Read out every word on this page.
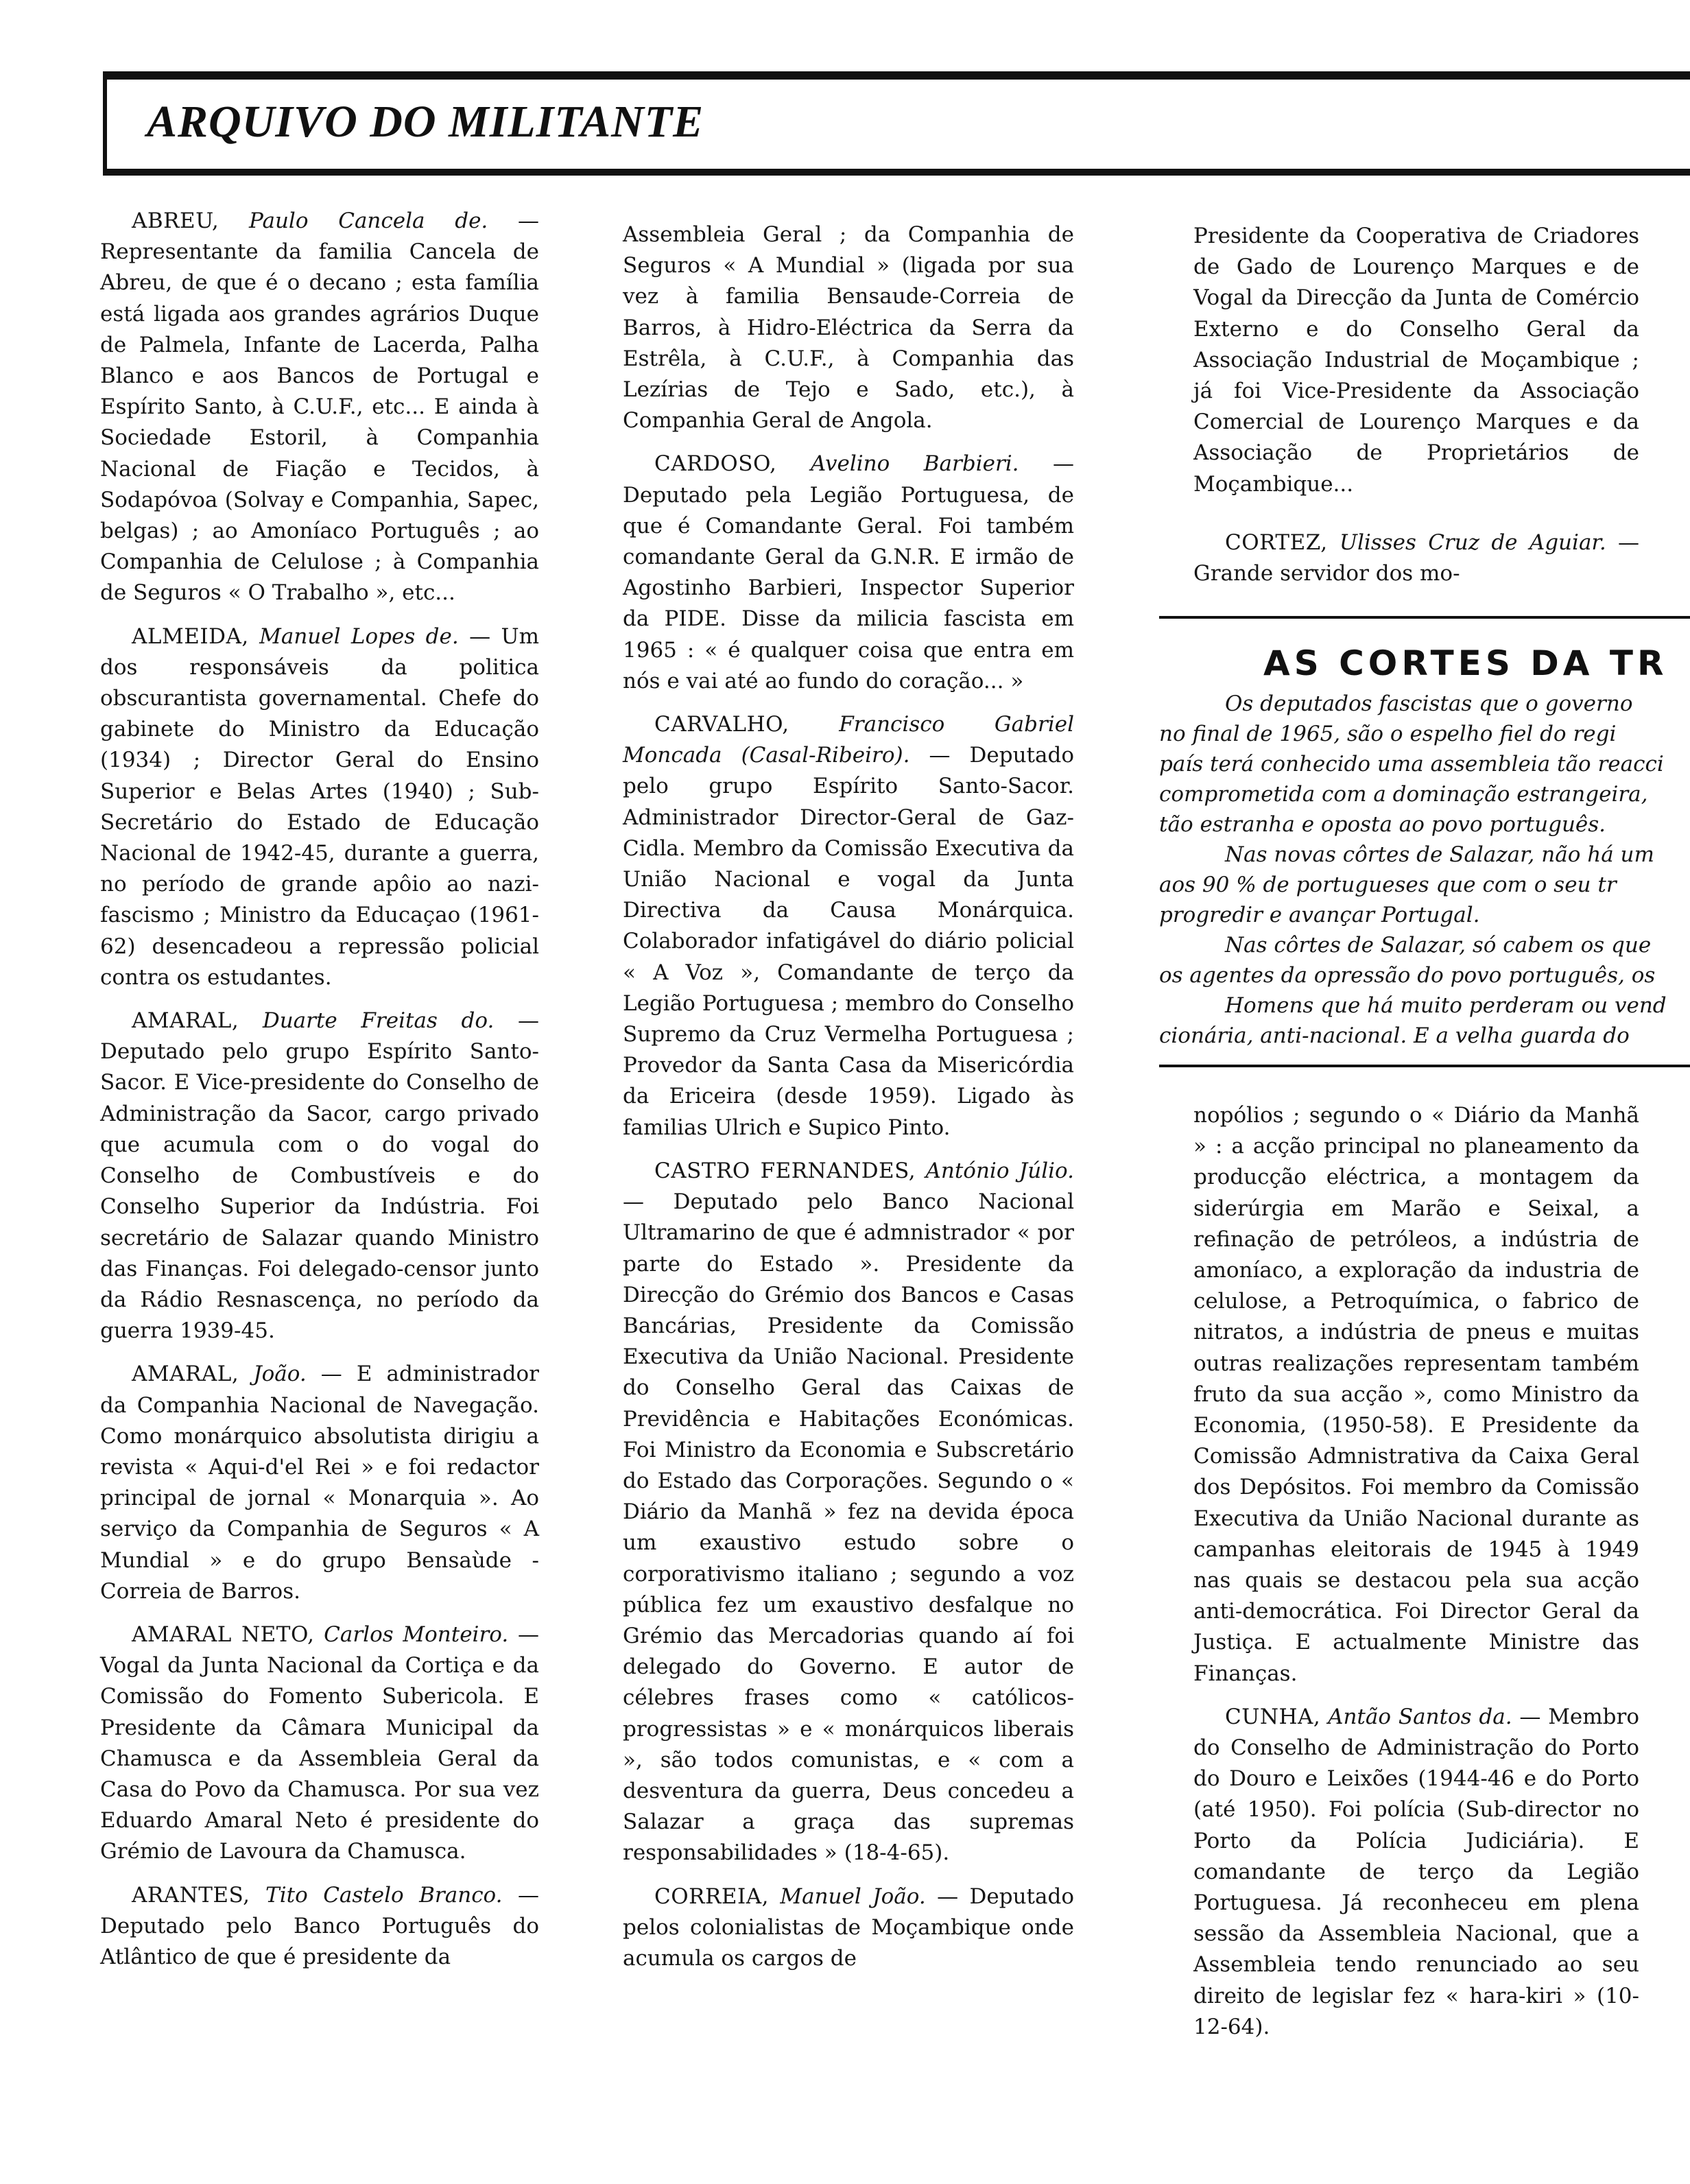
ARQUIVO DO MILITANTE

ABREU, Paulo Cancela de. — Representante da familia Cancela de Abreu, de que é o decano ; esta família está ligada aos grandes agrários Duque de Palmela, Infante de Lacerda, Palha Blanco e aos Bancos de Portugal e Espírito Santo, à C.U.F., etc... E ainda à Sociedade Estoril, à Companhia Nacional de Fiação e Tecidos, à Sodapóvoa (Solvay e Companhia, Sapec, belgas) ; ao Amoníaco Português ; ao Companhia de Celulose ; à Companhia de Seguros « O Trabalho », etc...

ALMEIDA, Manuel Lopes de. — Um dos responsáveis da politica obscurantista governamental. Chefe do gabinete do Ministro da Educação (1934) ; Director Geral do Ensino Superior e Belas Artes (1940) ; Sub-Secretário do Estado de Educação Nacional de 1942-45, durante a guerra, no período de grande apôio ao nazi-fascismo ; Ministro da Educaçao (1961-62) desencadeou a repressão policial contra os estudantes.

AMARAL, Duarte Freitas do. — Deputado pelo grupo Espírito Santo-Sacor. E Vice-presidente do Conselho de Administração da Sacor, cargo privado que acumula com o do vogal do Conselho de Combustíveis e do Conselho Superior da Indústria. Foi secretário de Salazar quando Ministro das Finanças. Foi delegado-censor junto da Rádio Resnascença, no período da guerra 1939-45.

AMARAL, João. — E administrador da Companhia Nacional de Navegação. Como monárquico absolutista dirigiu a revista « Aqui-d'el Rei » e foi redactor principal de jornal « Monarquia ». Ao serviço da Companhia de Seguros « A Mundial » e do grupo Bensaùde - Correia de Barros.

AMARAL NETO, Carlos Monteiro. — Vogal da Junta Nacional da Cortiça e da Comissão do Fomento Subericola. E Presidente da Câmara Municipal da Chamusca e da Assembleia Geral da Casa do Povo da Chamusca. Por sua vez Eduardo Amaral Neto é presidente do Grémio de Lavoura da Chamusca.

ARANTES, Tito Castelo Branco. — Deputado pelo Banco Português do Atlântico de que é presidente da

Assembleia Geral ; da Companhia de Seguros « A Mundial » (ligada por sua vez à familia Bensaude-Correia de Barros, à Hidro-Eléctrica da Serra da Estrêla, à C.U.F., à Companhia das Lezírias de Tejo e Sado, etc.), à Companhia Geral de Angola.

CARDOSO, Avelino Barbieri. — Deputado pela Legião Portuguesa, de que é Comandante Geral. Foi também comandante Geral da G.N.R. E irmão de Agostinho Barbieri, Inspector Superior da PIDE. Disse da milicia fascista em 1965 : « é qualquer coisa que entra em nós e vai até ao fundo do coração... »

CARVALHO, Francisco Gabriel Moncada (Casal-Ribeiro). — Deputado pelo grupo Espírito Santo-Sacor. Administrador Director-Geral de Gaz-Cidla. Membro da Comissão Executiva da União Nacional e vogal da Junta Directiva da Causa Monárquica. Colaborador infatigável do diário policial « A Voz », Comandante de terço da Legião Portuguesa ; membro do Conselho Supremo da Cruz Vermelha Portuguesa ; Provedor da Santa Casa da Misericórdia da Ericeira (desde 1959). Ligado às familias Ulrich e Supico Pinto.

CASTRO FERNANDES, António Júlio. — Deputado pelo Banco Nacional Ultramarino de que é admnistrador « por parte do Estado ». Presidente da Direcção do Grémio dos Bancos e Casas Bancárias, Presidente da Comissão Executiva da União Nacional. Presidente do Conselho Geral das Caixas de Previdência e Habitações Económicas. Foi Ministro da Economia e Subscretário do Estado das Corporações. Segundo o « Diário da Manhã » fez na devida época um exaustivo estudo sobre o corporativismo italiano ; segundo a voz pública fez um exaustivo desfalque no Grémio das Mercadorias quando aí foi delegado do Governo. E autor de célebres frases como « católicos-progressistas » e « monárquicos liberais », são todos comunistas, e « com a desventura da guerra, Deus concedeu a Salazar a graça das supremas responsabilidades » (18-4-65).

CORREIA, Manuel João. — Deputado pelos colonialistas de Moçambique onde acumula os cargos de

Presidente da Cooperativa de Criadores de Gado de Lourenço Marques e de Vogal da Direcção da Junta de Comércio Externo e do Conselho Geral da Associação Industrial de Moçambique ; já foi Vice-Presidente da Associação Comercial de Lourenço Marques e da Associação de Proprietários de Moçambique...

CORTEZ, Ulisses Cruz de Aguiar. — Grande servidor dos mo-

AS CORTES DA TR
Os deputados fascistas que o governo
no final de 1965, são o espelho fiel do regi
país terá conhecido uma assembleia tão reacci
comprometida com a dominação estrangeira,
tão estranha e oposta ao povo português.
Nas novas côrtes de Salazar, não há um
aos 90 % de portugueses que com o seu tr
progredir e avançar Portugal.
Nas côrtes de Salazar, só cabem os que
os agentes da opressão do povo português, os
Homens que há muito perderam ou vend
cionária, anti-nacional. E a velha guarda do

nopólios ; segundo o « Diário da Manhã » : a acção principal no planeamento da producção eléctrica, a montagem da siderúrgia em Marão e Seixal, a refinação de petróleos, a indústria de amoníaco, a exploração da industria de celulose, a Petroquímica, o fabrico de nitratos, a indústria de pneus e muitas outras realizações representam também fruto da sua acção », como Ministro da Economia, (1950-58). E Presidente da Comissão Admnistrativa da Caixa Geral dos Depósitos. Foi membro da Comissão Executiva da União Nacional durante as campanhas eleitorais de 1945 à 1949 nas quais se destacou pela sua acção anti-democrática. Foi Director Geral da Justiça. E actualmente Ministre das Finanças.

CUNHA, Antão Santos da. — Membro do Conselho de Administração do Porto do Douro e Leixões (1944-46 e do Porto (até 1950). Foi polícia (Sub-director no Porto da Polícia Judiciária). E comandante de terço da Legião Portuguesa. Já reconheceu em plena sessão da Assembleia Nacional, que a Assembleia tendo renunciado ao seu direito de legislar fez « hara-kiri » (10-12-64).
